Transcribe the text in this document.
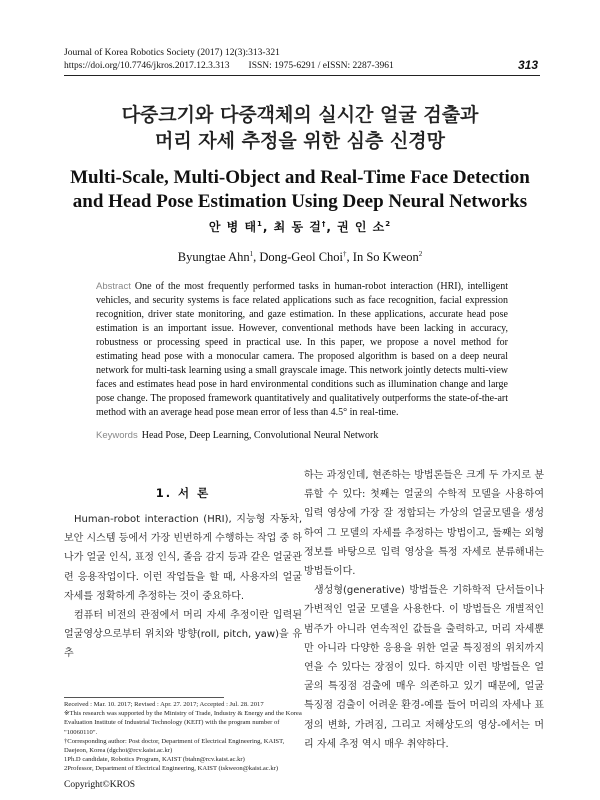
Journal of Korea Robotics Society (2017) 12(3):313-321
https://doi.org/10.7746/jkros.2017.12.3.313        ISSN: 1975-6291 / eISSN: 2287-3961	313
다중크기와 다중객체의 실시간 얼굴 검출과
머리 자세 추정을 위한 심층 신경망
Multi-Scale, Multi-Object and Real-Time Face Detection
and Head Pose Estimation Using Deep Neural Networks
안 병 태$^1$, 최 동 걸†, 권 인 소$^2$
Byungtae Ahn$^1$, Dong-Geol Choi†, In So Kweon$^2$
Abstract One of the most frequently performed tasks in human-robot interaction (HRI), intelligent vehicles, and security systems is face related applications such as face recognition, facial expression recognition, driver state monitoring, and gaze estimation. In these applications, accurate head pose estimation is an important issue. However, conventional methods have been lacking in accuracy, robustness or processing speed in practical use. In this paper, we propose a novel method for estimating head pose with a monocular camera. The proposed algorithm is based on a deep neural network for multi-task learning using a small grayscale image. This network jointly detects multi-view faces and estimates head pose in hard environmental conditions such as illumination change and large pose change. The proposed framework quantitatively and qualitatively outperforms the state-of-the-art method with an average head pose mean error of less than 4.5° in real-time.
Keywords Head Pose, Deep Learning, Convolutional Neural Network
1. 서 론

Human-robot interaction (HRI), 지능형 자동차, 보안 시스템 등에서 가장 빈번하게 수행하는 작업 중 하나가 얼굴 인식, 표정 인식, 졸음 감지 등과 같은 얼굴관련 응용작업이다. 이런 작업들을 할 때, 사용자의 얼굴 자세를 정확하게 추정하는 것이 중요하다.

컴퓨터 비전의 관점에서 머리 자세 추정이란 입력된 얼굴영상으로부터 위치와 방향(roll, pitch, yaw)을 유추

하는 과정인데, 현존하는 방법론들은 크게 두 가지로 분류할 수 있다: 첫째는 얼굴의 수학적 모델을 사용하여 입력 영상에 가장 잘 정합되는 가상의 얼굴모델을 생성하여 그 모델의 자세를 추정하는 방법이고, 둘째는 외형 정보를 바탕으로 입력 영상을 특정 자세로 분류해내는 방법들이다.

생성형(generative) 방법들은 기하학적 단서들이나 가변적인 얼굴 모델을 사용한다. 이 방법들은 개별적인 범주가 아니라 연속적인 값들을 출력하고, 머리 자세뿐만 아니라 다양한 응용을 위한 얼굴 특징점의 위치까지 연을 수 있다는 장점이 있다. 하지만 이런 방법들은 얼굴의 특징점 검출에 매우 의존하고 있기 때문에, 얼굴 특징점 검출이 어려운 환경-예를 들어 머리의 자세나 표정의 변화, 가려짐, 그리고 저해상도의 영상-에서는 머리 자세 추정 역시 매우 취약하다.

Received : Mar. 10. 2017; Revised : Apr. 27. 2017; Accepted : Jul. 28. 2017
※This research was supported by the Ministry of Trade, Industry & Energy and the Korea Evaluation Institute of Industrial Technology (KEIT) with the program number of "10060110".
†Corresponding author: Post doctor, Department of Electrical Engineering, KAIST, Daejeon, Korea (dgchoi@rcv.kaist.ac.kr)
1Ph.D candidate, Robotics Program, KAIST (btahn@rcv.kaist.ac.kr)
2Professor, Department of Electrical Engineering, KAIST (iskweon@kaist.ac.kr)
Copyright©KROS
